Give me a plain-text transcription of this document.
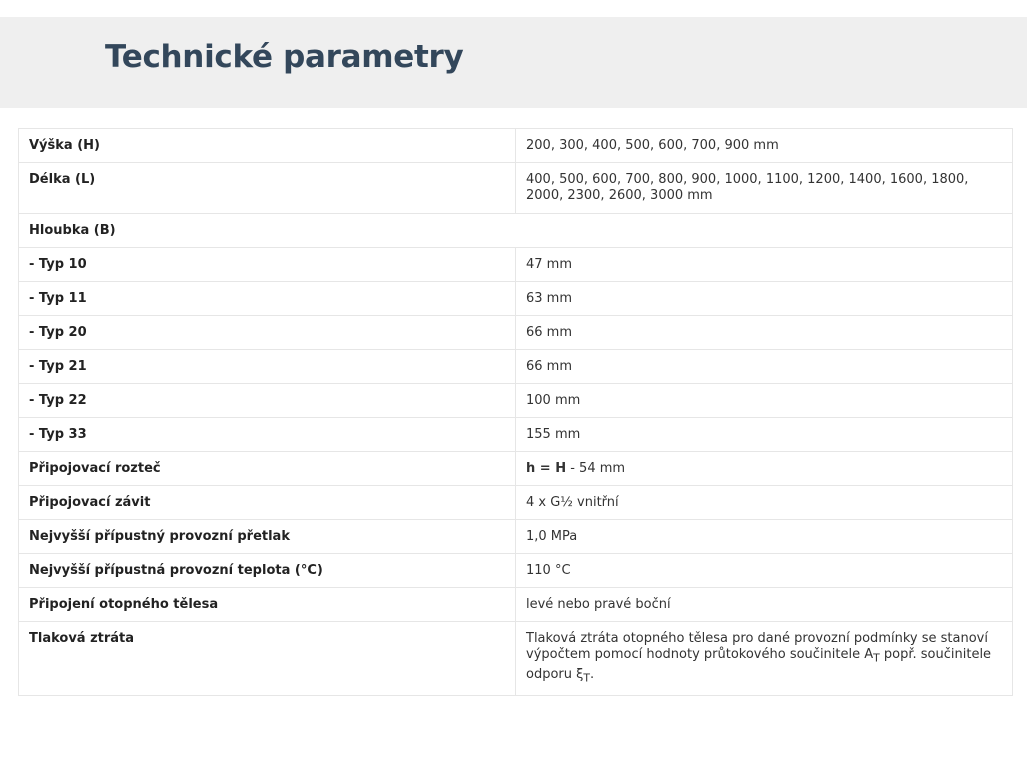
Technické parametry
Výška (H)	200, 300, 400, 500, 600, 700, 900 mm
Délka (L)	400, 500, 600, 700, 800, 900, 1000, 1100, 1200, 1400, 1600, 1800, 2000, 2300, 2600, 3000 mm
Hloubka (B)	
- Typ 10	47 mm
- Typ 11	63 mm
- Typ 20	66 mm
- Typ 21	66 mm
- Typ 22	100 mm
- Typ 33	155 mm
Připojovací rozteč	h = H - 54 mm
Připojovací závit	4 x G½ vnitřní
Nejvyšší přípustný provozní přetlak	1,0 MPa
Nejvyšší přípustná provozní teplota (°C)	110 °C
Připojení otopného tělesa	levé nebo pravé boční
Tlaková ztráta	Tlaková ztráta otopného tělesa pro dané provozní podmínky se stanoví výpočtem pomocí hodnoty průtokového součinitele $A_T$ popř. součinitele odporu $\xi_T$.
